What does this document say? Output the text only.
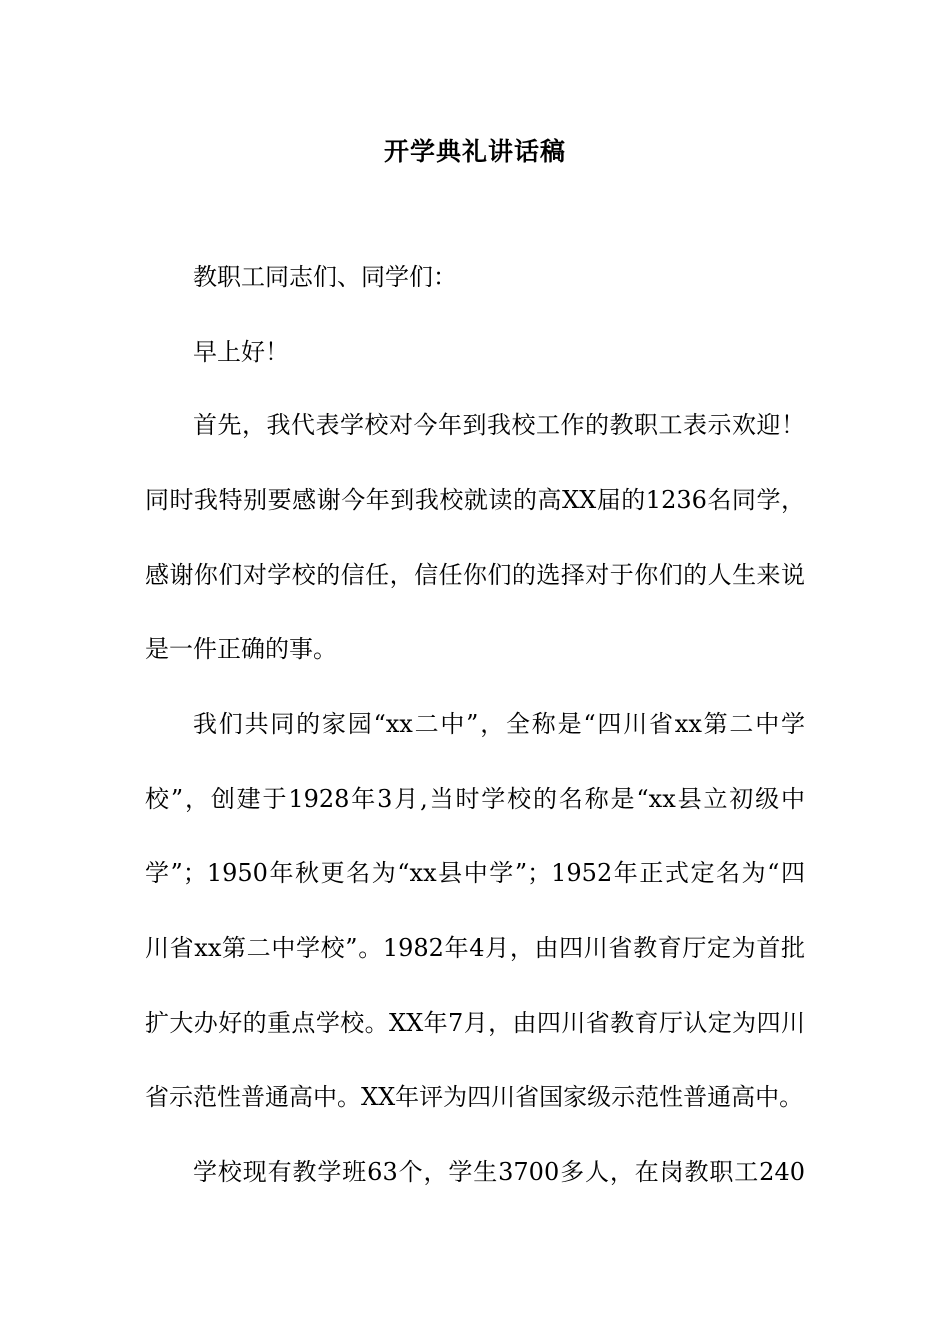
开学典礼讲话稿
教职工同志们、同学们：
早上好！
首先，我代表学校对今年到我校工作的教职工表示欢迎！
同时我特别要感谢今年到我校就读的高XX届的1236名同学，
感谢你们对学校的信任，信任你们的选择对于你们的人生来说
是一件正确的事。
我们共同的家园“xx二中”，全称是“四川省xx第二中学
校”，创建于1928年3月,当时学校的名称是“xx县立初级中
学”；1950年秋更名为“xx县中学”；1952年正式定名为“四
川省xx第二中学校”。1982年4月，由四川省教育厅定为首批
扩大办好的重点学校。XX年7月，由四川省教育厅认定为四川
省示范性普通高中。XX年评为四川省国家级示范性普通高中。
学校现有教学班63个，学生3700多人，在岗教职工240
